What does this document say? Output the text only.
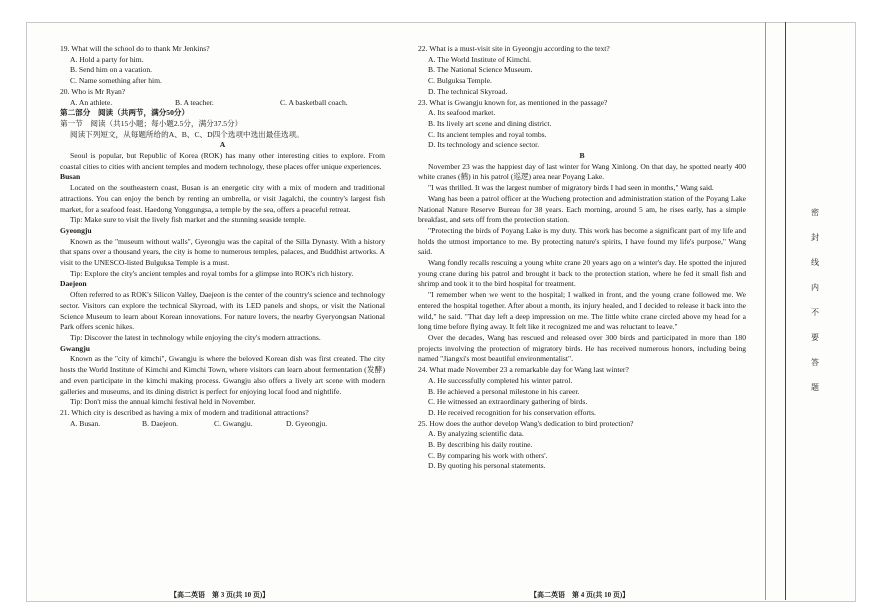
密
封
线
内
不
要
答
题

19. What will the school do to thank Mr Jenkins?

A. Hold a party for him.

B. Send him on a vacation.

C. Name something after him.

20. Who is Mr Ryan?

A. An athlete.	B. A teacher.	C. A basketball coach.

第二部分　阅读（共两节，满分50分）

第一节　阅读（共15小题；每小题2.5分，满分37.5分）

阅读下列短文，从每题所给的A、B、C、D四个选项中选出最佳选项。

A

Seoul is popular, but Republic of Korea (ROK) has many other interesting cities to explore. From coastal cities to cities with ancient temples and modern technology, these places offer unique experiences.

Busan

Located on the southeastern coast, Busan is an energetic city with a mix of modern and traditional attractions. You can enjoy the bench by renting an umbrella, or visit Jagalchi, the country's largest fish market, for a seafood feast. Haedong Yonggungsa, a temple by the sea, offers a peaceful retreat.

Tip: Make sure to visit the lively fish market and the stunning seaside temple.

Gyeongju

Known as the "museum without walls", Gyeongju was the capital of the Silla Dynasty. With a history that spans over a thousand years, the city is home to numerous temples, palaces, and Buddhist artworks. A visit to the UNESCO-listed Bulguksa Temple is a must.

Tip: Explore the city's ancient temples and royal tombs for a glimpse into ROK's rich history.

Daejeon

Often referred to as ROK's Silicon Valley, Daejeon is the center of the country's science and technology sector. Visitors can explore the technical Skyroad, with its LED panels and shops, or visit the National Science Museum to learn about Korean innovations. For nature lovers, the nearby Gyeryongsan National Park offers scenic hikes.

Tip: Discover the latest in technology while enjoying the city's modern attractions.

Gwangju

Known as the "city of kimchi", Gwangju is where the beloved Korean dish was first created. The city hosts the World Institute of Kimchi and Kimchi Town, where visitors can learn about fermentation (发酵) and even participate in the kimchi making process. Gwangju also offers a lively art scene with modern galleries and museums, and its dining district is perfect for enjoying local food and nightlife.

Tip: Don't miss the annual kimchi festival held in November.

21. Which city is described as having a mix of modern and traditional attractions?

A. Busan.	B. Daejeon.	C. Gwangju.	D. Gyeongju.
【高二英语　第 3 页(共 10 页)】

22. What is a must-visit site in Gyeongju according to the text?

A. The World Institute of Kimchi.

B. The National Science Museum.

C. Bulguksa Temple.

D. The technical Skyroad.

23. What is Gwangju known for, as mentioned in the passage?

A. Its seafood market.

B. Its lively art scene and dining district.

C. Its ancient temples and royal tombs.

D. Its technology and science sector.

B

November 23 was the happiest day of last winter for Wang Xinlong. On that day, he spotted nearly 400 white cranes (鹤) in his patrol (巡逻) area near Poyang Lake.

"I was thrilled. It was the largest number of migratory birds I had seen in months," Wang said.

Wang has been a patrol officer at the Wucheng protection and administration station of the Poyang Lake National Nature Reserve Bureau for 38 years. Each morning, around 5 am, he rises early, has a simple breakfast, and sets off from the protection station.

"Protecting the birds of Poyang Lake is my duty. This work has become a significant part of my life and holds the utmost importance to me. By protecting nature's spirits, I have found my life's purpose," Wang said.

Wang fondly recalls rescuing a young white crane 20 years ago on a winter's day. He spotted the injured young crane during his patrol and brought it back to the protection station, where he fed it small fish and shrimp and took it to the bird hospital for treatment.

"I remember when we went to the hospital; I walked in front, and the young crane followed me. We entered the hospital together. After about a month, its injury healed, and I decided to release it back into the wild," he said. "That day left a deep impression on me. The little white crane circled above my head for a long time before flying away. It felt like it recognized me and was reluctant to leave."

Over the decades, Wang has rescued and released over 300 birds and participated in more than 180 projects involving the protection of migratory birds. He has received numerous honors, including being named "Jiangxi's most beautiful environmentalist".

24. What made November 23 a remarkable day for Wang last winter?

A. He successfully completed his winter patrol.

B. He achieved a personal milestone in his career.

C. He witnessed an extraordinary gathering of birds.

D. He received recognition for his conservation efforts.

25. How does the author develop Wang's dedication to bird protection?

A. By analyzing scientific data.

B. By describing his daily routine.

C. By comparing his work with others'.

D. By quoting his personal statements.

【高二英语　第 4 页(共 10 页)】
